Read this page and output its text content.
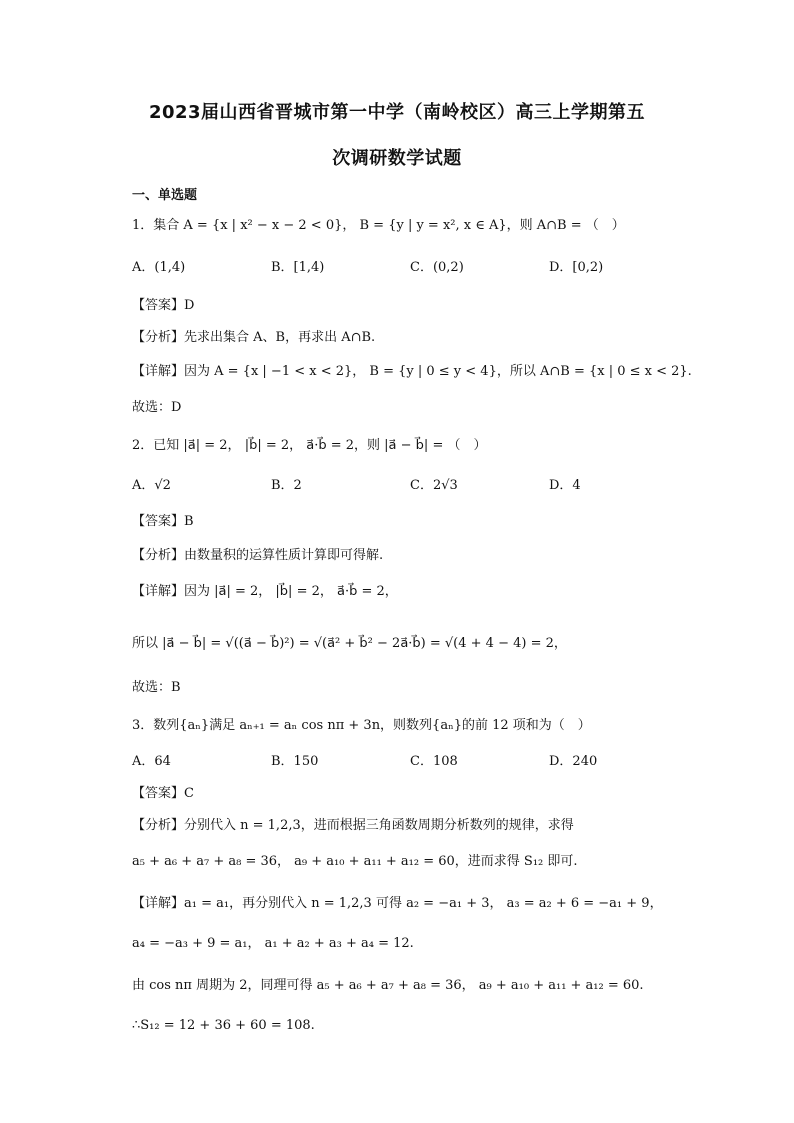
2023届山西省晋城市第一中学（南岭校区）高三上学期第五
次调研数学试题
一、单选题
1．集合 A = {x | x² − x − 2 < 0}， B = {y | y = x², x ∈ A}，则 A∩B = （　）
A．(1,4)	B．[1,4)	C．(0,2)	D．[0,2)
【答案】D
【分析】先求出集合 A、B，再求出 A∩B.
【详解】因为 A = {x | −1 < x < 2}， B = {y | 0 ≤ y < 4}，所以 A∩B = {x | 0 ≤ x < 2}.
故选：D
2．已知 |a⃗| = 2， |b⃗| = 2， a⃗·b⃗ = 2，则 |a⃗ − b⃗| = （　）
A．√2	B．2	C．2√3	D．4
【答案】B
【分析】由数量积的运算性质计算即可得解.
【详解】因为 |a⃗| = 2， |b⃗| = 2， a⃗·b⃗ = 2，
所以 |a⃗ − b⃗| = √((a⃗ − b⃗)²) = √(a⃗² + b⃗² − 2a⃗·b⃗) = √(4 + 4 − 4) = 2，
故选：B
3．数列{aₙ}满足 aₙ₊₁ = aₙ cos nπ + 3n，则数列{aₙ}的前 12 项和为（　）
A．64	B．150	C．108	D．240
【答案】C
【分析】分别代入 n = 1,2,3，进而根据三角函数周期分析数列的规律，求得
a₅ + a₆ + a₇ + a₈ = 36， a₉ + a₁₀ + a₁₁ + a₁₂ = 60，进而求得 S₁₂ 即可.
【详解】a₁ = a₁，再分别代入 n = 1,2,3 可得 a₂ = −a₁ + 3， a₃ = a₂ + 6 = −a₁ + 9，
a₄ = −a₃ + 9 = a₁， a₁ + a₂ + a₃ + a₄ = 12.
由 cos nπ 周期为 2，同理可得 a₅ + a₆ + a₇ + a₈ = 36， a₉ + a₁₀ + a₁₁ + a₁₂ = 60.
∴S₁₂ = 12 + 36 + 60 = 108.
